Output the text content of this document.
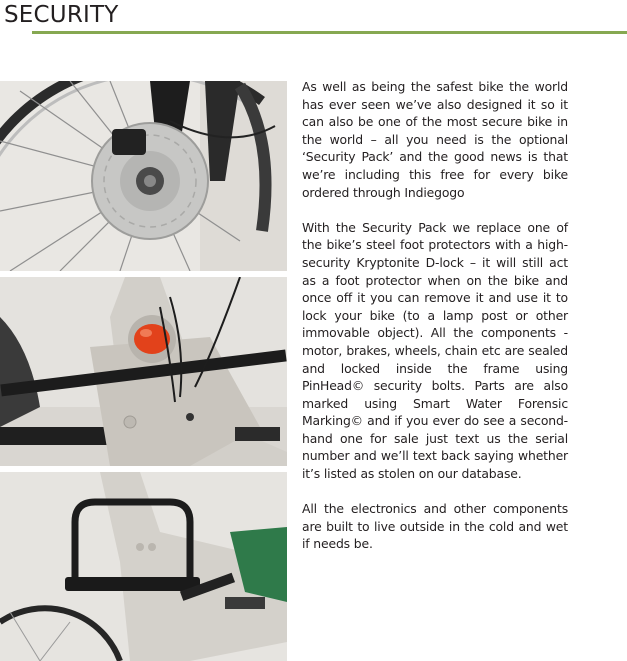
SECURITY

As well as being the safest bike the world has ever seen we’ve also designed it so it can also be one of the most secure bike in the world – all you need is the optional ‘Security Pack’ and the good news is that we’re including this free for every bike ordered through Indiegogo

With the Security Pack we replace one of the bike’s steel foot protectors with a high-security Kryptonite D-lock – it will still act as a foot protector when on the bike and once off it you can remove it and use it to lock your bike (to a lamp post or other immovable object). All the components - motor, brakes, wheels, chain etc are sealed and locked inside the frame using PinHead© security bolts. Parts are also marked using Smart Water Forensic Marking© and if you ever do see a second-hand one for sale just text us the serial number and we’ll text back saying whether it’s listed as stolen on our database.

All the electronics and other components are built to live outside in the cold and wet if needs be.
